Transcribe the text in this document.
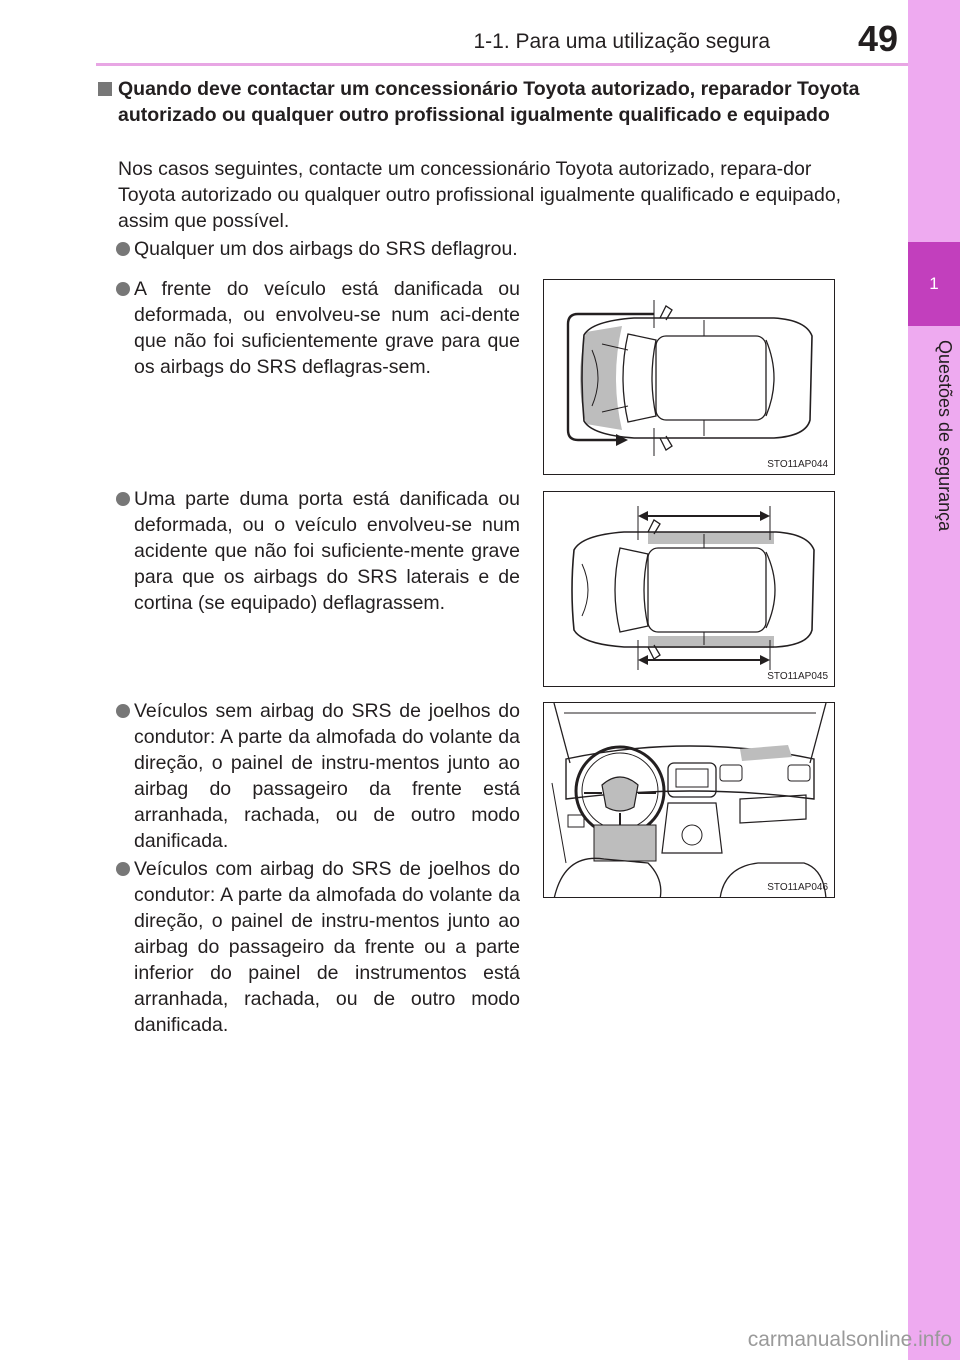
1-1. Para uma utilização segura	49
1
Questões de segurança
Quando deve contactar um concessionário Toyota autorizado, reparador Toyota autorizado ou qualquer outro profissional igualmente qualificado e equipado
Nos casos seguintes, contacte um concessionário Toyota autorizado, repara-dor Toyota autorizado ou qualquer outro profissional igualmente qualificado e equipado, assim que possível.
Qualquer um dos airbags do SRS deflagrou.
A frente do veículo está danificada ou deformada, ou envolveu-se num aci-dente que não foi suficientemente grave para que os airbags do SRS deflagras-sem.
Uma parte duma porta está danificada ou deformada, ou o veículo envolveu-se num acidente que não foi suficiente-mente grave para que os airbags do SRS laterais e de cortina (se equipado) deflagrassem.
Veículos sem airbag do SRS de joelhos do condutor: A parte da almofada do volante da direção, o painel de instru-mentos junto ao airbag do passageiro da frente está arranhada, rachada, ou de outro modo danificada.
Veículos com airbag do SRS de joelhos do condutor: A parte da almofada do volante da direção, o painel de instru-mentos junto ao airbag do passageiro da frente ou a parte inferior do painel de instrumentos está arranhada, rachada, ou de outro modo danificada.
STO11AP044
STO11AP045
STO11AP046
carmanualsonline.info
